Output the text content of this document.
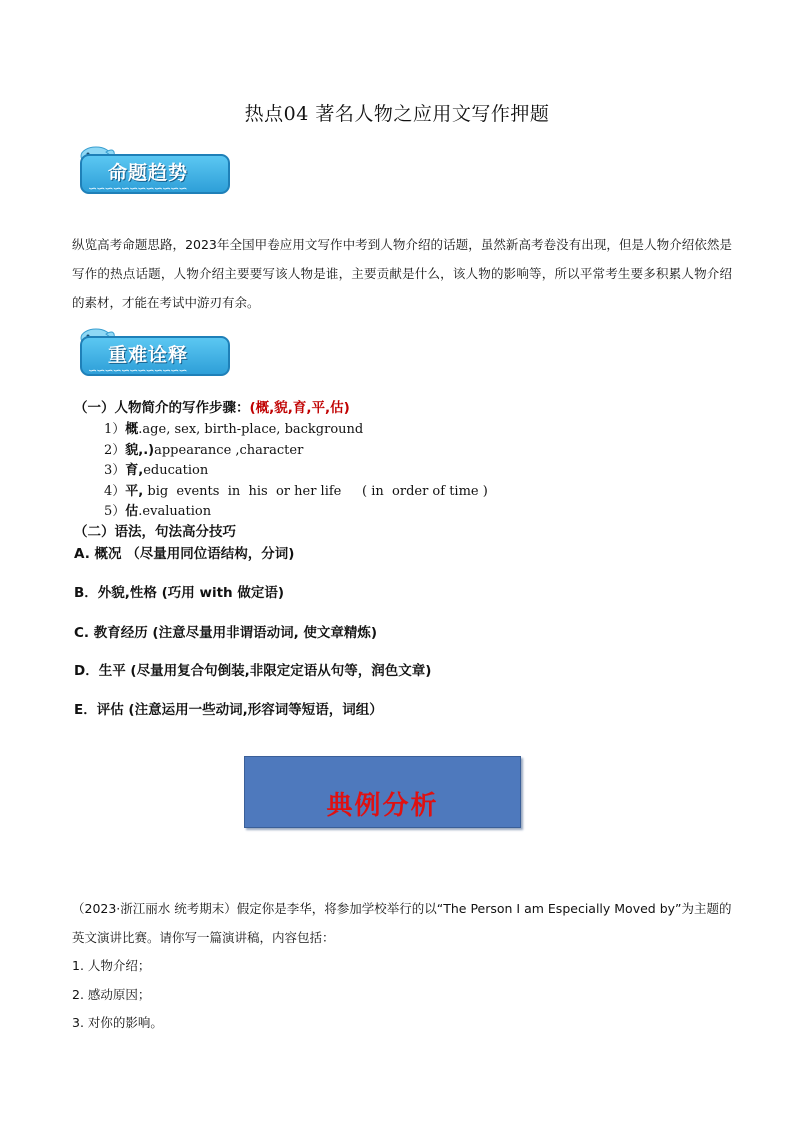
热点04 著名人物之应用文写作押题
命题趋势
∽∽∽∽∽∽∽∽∽∽∽∽
纵览高考命题思路，2023年全国甲卷应用文写作中考到人物介绍的话题，虽然新高考卷没有出现，但是人物介绍依然是写作的热点话题，人物介绍主要要写该人物是谁，主要贡献是什么，该人物的影响等，所以平常考生要多积累人物介绍的素材，才能在考试中游刃有余。
重难诠释
∽∽∽∽∽∽∽∽∽∽∽∽
（一）人物简介的写作步骤：(概,貌,育,平,估)
1）概.age, sex, birth-place, background
2）貌,.)appearance ,character
3）育,education
4）平, big  events  in  his  or her life     ( in  order of time )
5）估.evaluation
（二）语法，句法高分技巧
A. 概况 （尽量用同位语结构，分词)
B．外貌,性格 (巧用 with 做定语)
C. 教育经历 (注意尽量用非谓语动词, 使文章精炼)
D．生平 (尽量用复合句倒装,非限定定语从句等，润色文章)
E．评估 (注意运用一些动词,形容词等短语，词组）
典例分析
（2023·浙江丽水 统考期末）假定你是李华，将参加学校举行的以“The Person I am Especially Moved by”为主题的英文演讲比赛。请你写一篇演讲稿，内容包括：
1. 人物介绍；
2. 感动原因；
3. 对你的影响。
